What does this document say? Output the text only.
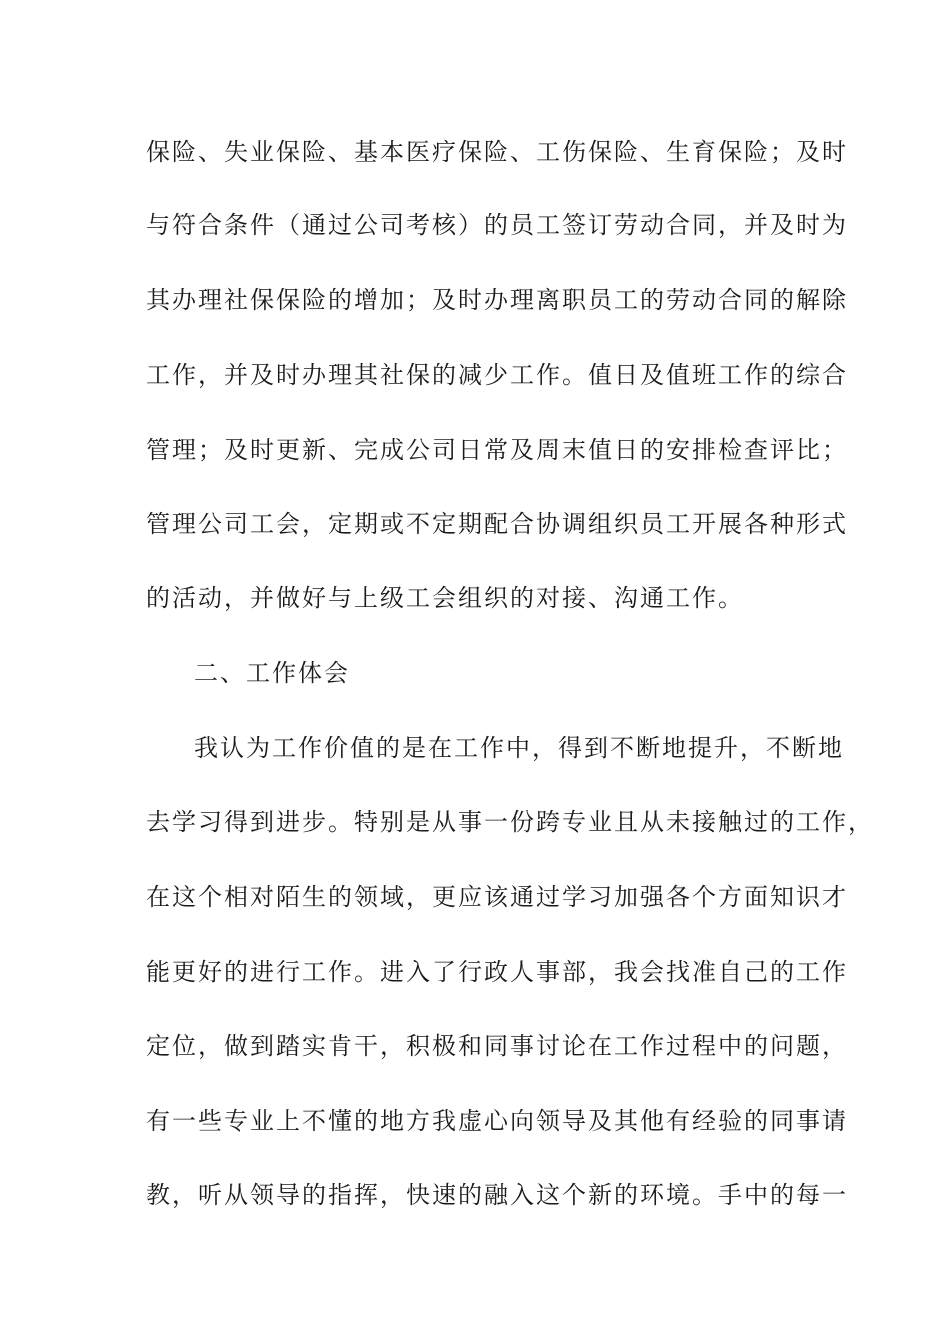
保险、失业保险、基本医疗保险、工伤保险、生育保险；及时
与符合条件（通过公司考核）的员工签订劳动合同，并及时为
其办理社保保险的增加；及时办理离职员工的劳动合同的解除
工作，并及时办理其社保的减少工作。值日及值班工作的综合
管理；及时更新、完成公司日常及周末值日的安排检查评比；
管理公司工会，定期或不定期配合协调组织员工开展各种形式
的活动，并做好与上级工会组织的对接、沟通工作。
二、工作体会
我认为工作价值的是在工作中，得到不断地提升，不断地
去学习得到进步。特别是从事一份跨专业且从未接触过的工作，
在这个相对陌生的领域，更应该通过学习加强各个方面知识才
能更好的进行工作。进入了行政人事部，我会找准自己的工作
定位，做到踏实肯干，积极和同事讨论在工作过程中的问题，
有一些专业上不懂的地方我虚心向领导及其他有经验的同事请
教，听从领导的指挥，快速的融入这个新的环境。手中的每一
